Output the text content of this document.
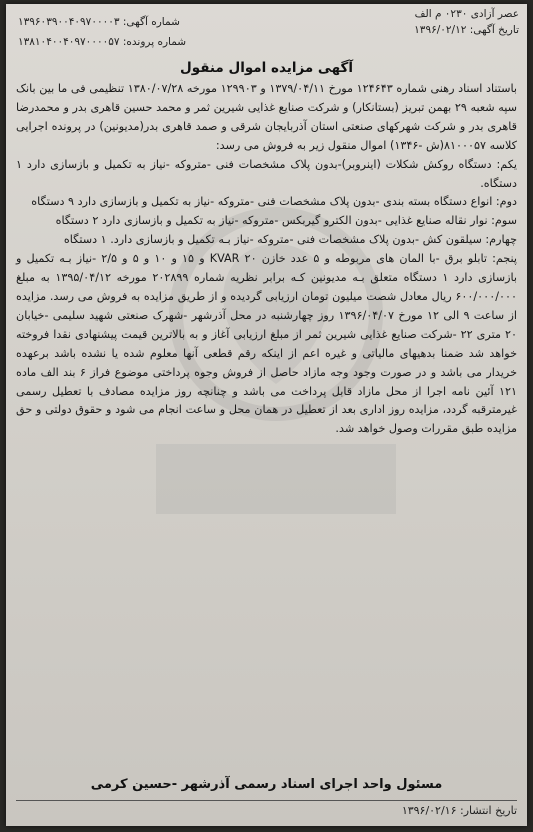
عصر آزادی ۰۲۳۰ م الف
تاریخ آگهی: ۱۳۹۶/۰۲/۱۲
شماره آگهی: ۱۳۹۶۰۳۹۰۰۴۰۹۷۰۰۰۰۳
شماره پرونده: ۱۳۸۱۰۴۰۰۴۰۹۷۰۰۰۰۵۷
آگهی مزایده اموال منقول

باستناد اسناد رهنی شماره ۱۲۴۶۴۳ مورخ ۱۳۷۹/۰۴/۱۱ و ۱۲۹۹۰۳ مورخه ۱۳۸۰/۰۷/۲۸ تنظیمی فی ما بین بانک سپه شعبه ۲۹ بهمن تبریز (بستانکار) و شرکت صنایع غذایی شیرین ثمر و محمد حسین قاهری بدر و محمدرضا قاهری بدر و شرکت شهرکهای صنعتی استان آذربایجان شرقی و صمد قاهری بدر(مدیونین) در پرونده اجرایی کلاسه ۸۱۰۰۰۵۷(ش -۱۳۴۶) اموال منقول زیر به فروش می رسد:

یکم: دستگاه روکش شکلات (اینروبر)-بدون پلاک مشخصات فنی -متروکه -نیاز به تکمیل و بازسازی دارد ۱ دستگاه.

دوم: انواع دستگاه بسته بندی -بدون پلاک مشخصات فنی -متروکه -نیاز به تکمیل و بازسازی دارد ۹ دستگاه

سوم: نوار نقاله صنایع غذایی -بدون الکترو گیربکس -متروکه -نیاز به تکمیل و بازسازی دارد ۲ دستگاه

چهارم: سیلقون کش -بدون پلاک مشخصات فنی -متروکه -نیاز بـه تکمیل و بازسازی دارد. ۱ دستگاه

پنجم: تابلو برق -با المان های مربوطه و ۵ عدد خازن KVAR ۲۰ و ۱۵ و ۱۰ و ۵ و ۲/۵ -نیاز بـه تکمیل و بازسازی دارد ۱ دستگاه متعلق بـه مدیونین کـه برابر نظریه شماره ۲۰۲۸۹۹ مورخه ۱۳۹۵/۰۴/۱۲ به مبلغ ۶۰۰/۰۰۰/۰۰۰ ریال معادل شصت میلیون تومان ارزیابی گردیده و از طریق مزایده به فروش می رسد. مزایده از ساعت ۹ الی ۱۲ مورخ ۱۳۹۶/۰۴/۰۷ روز چهارشنبه در محل آذرشهر -شهرک صنعتی شهید سلیمی -خیابان ۲۰ متری ۲۲ -شرکت صنایع غذایی شیرین ثمر از مبلغ ارزیابی آغاز و به بالاترین قیمت پیشنهادی نقدا فروخته خواهد شد ضمنا بدهیهای مالیاتی و غیره اعم از اینکه رقم قطعی آنها معلوم شده یا نشده باشد برعهده خریدار می باشد و در صورت وجود وجه مازاد حاصل از فروش وجوه پرداختی موضوع فراز ۶ بند الف ماده ۱۲۱ آئین نامه اجرا از محل مازاد قابل پرداخت می باشد و چنانچه روز مزایده مصادف با تعطیل رسمی غیرمترقبه گردد، مزایده روز اداری بعد از تعطیل در همان محل و ساعت انجام می شود و حقوق دولتی و حق مزایده طبق مقررات وصول خواهد شد.

مسئول واحد اجرای اسناد رسمی آذرشهر -حسین کرمی
تاریخ انتشار: ۱۳۹۶/۰۲/۱۶
